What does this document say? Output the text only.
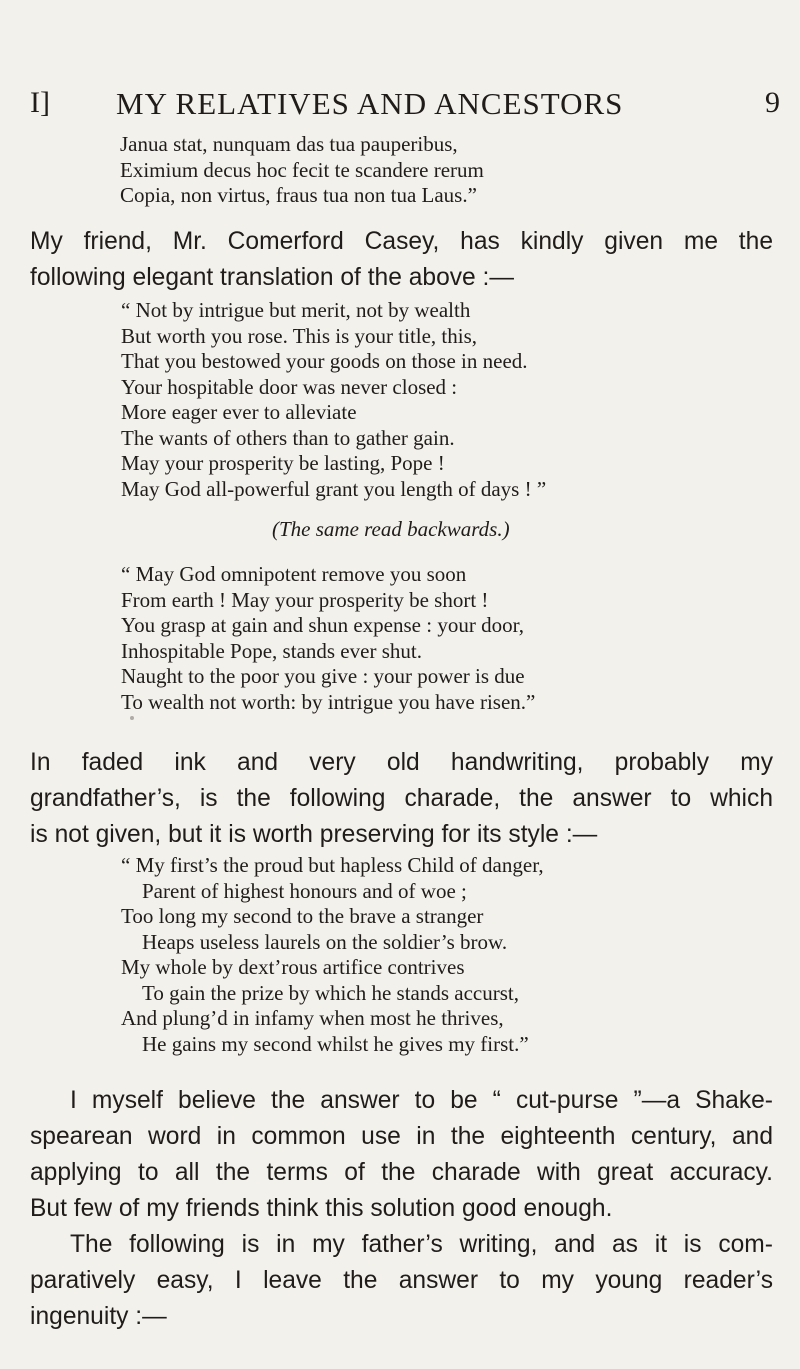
I] MY RELATIVES AND ANCESTORS	9
Janua stat, nunquam das tua pauperibus,
Eximium decus hoc fecit te scandere rerum
Copia, non virtus, fraus tua non tua Laus.”
My friend, Mr. Comerford Casey, has kindly given me the
following elegant translation of the above :—
“ Not by intrigue but merit, not by wealth
But worth you rose. This is your title, this,
That you bestowed your goods on those in need.
Your hospitable door was never closed :
More eager ever to alleviate
The wants of others than to gather gain.
May your prosperity be lasting, Pope !
May God all-powerful grant you length of days ! ”
(The same read backwards.)
“ May God omnipotent remove you soon
From earth ! May your prosperity be short !
You grasp at gain and shun expense : your door,
Inhospitable Pope, stands ever shut.
Naught to the poor you give : your power is due
To wealth not worth: by intrigue you have risen.”
In faded ink and very old handwriting, probably my
grandfather’s, is the following charade, the answer to which
is not given, but it is worth preserving for its style :—
“ My first’s the proud but hapless Child of danger,
Parent of highest honours and of woe ;
Too long my second to the brave a stranger
Heaps useless laurels on the soldier’s brow.
My whole by dext’rous artifice contrives
To gain the prize by which he stands accurst,
And plung’d in infamy when most he thrives,
He gains my second whilst he gives my first.”
I myself believe the answer to be “ cut-purse ”—a Shake-
spearean word in common use in the eighteenth century, and
applying to all the terms of the charade with great accuracy.
But few of my friends think this solution good enough.
The following is in my father’s writing, and as it is com-
paratively easy, I leave the answer to my young reader’s
ingenuity :—
